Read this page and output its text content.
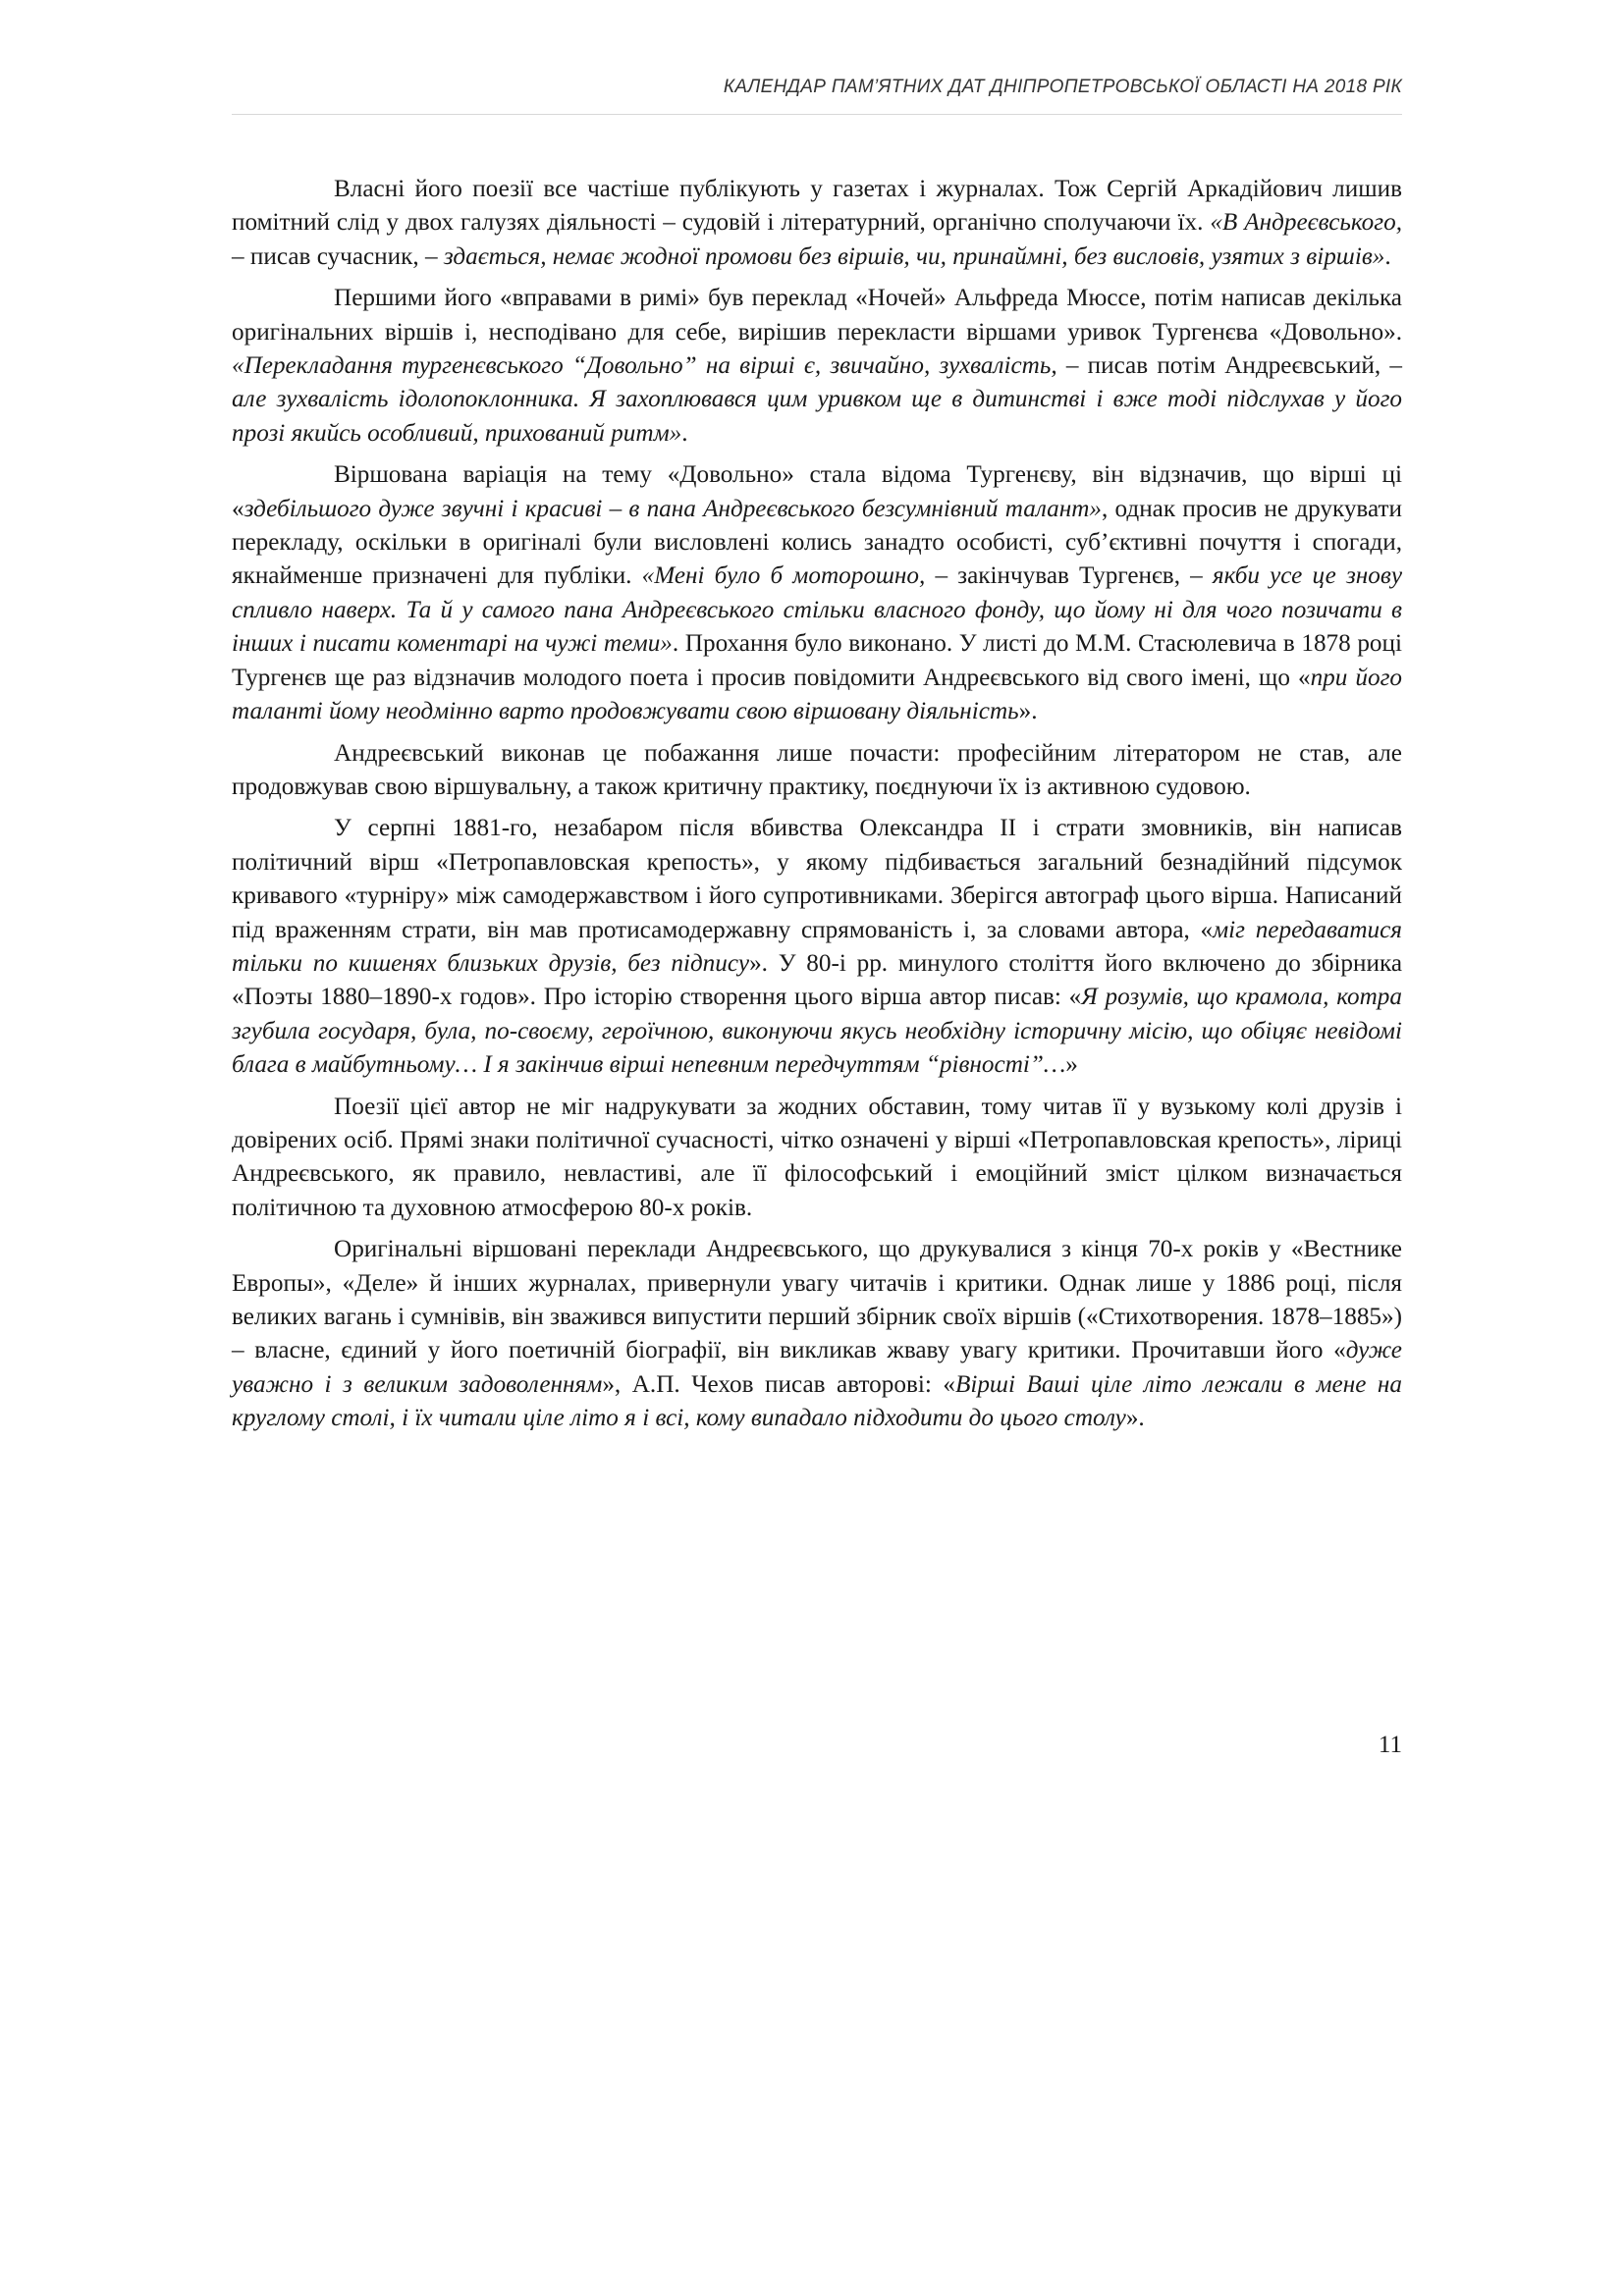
КАЛЕНДАР ПАМ’ЯТНИХ ДАТ ДНІПРОПЕТРОВСЬКОЇ ОБЛАСТІ НА 2018 РІК

Власні його поезії все частіше публікують у газетах і журналах. Тож Сергій Аркадійович лишив помітний слід у двох галузях діяльності – судовій і літературний, органічно сполучаючи їх. «В Андреєвського, – писав сучасник, – здається, немає жодної промови без віршів, чи, принаймні, без висловів, узятих з віршів».

Першими його «вправами в римі» був переклад «Ночей» Альфреда Мюссе, потім написав декілька оригінальних віршів і, несподівано для себе, вирішив перекласти віршами уривок Тургенєва «Довольно». «Перекладання тургенєвського “Довольно” на вірші є, звичайно, зухвалість, – писав потім Андреєвський, – але зухвалість ідолопоклонника. Я захоплювався цим уривком ще в дитинстві і вже тоді підслухав у його прозі якийсь особливий, прихований ритм».

Віршована варіація на тему «Довольно» стала відома Тургенєву, він відзначив, що вірші ці «здебільшого дуже звучні і красиві – в пана Андреєвського безсумнівний талант», однак просив не друкувати перекладу, оскільки в оригіналі були висловлені колись занадто особисті, суб’єктивні почуття і спогади, якнайменше призначені для публіки. «Мені було б моторошно, – закінчував Тургенєв, – якби усе це знову спливло наверх. Та й у самого пана Андреєвського стільки власного фонду, що йому ні для чого позичати в інших і писати коментарі на чужі теми». Прохання було виконано. У листі до М.М. Стасюлевича в 1878 році Тургенєв ще раз відзначив молодого поета і просив повідомити Андреєвського від свого імені, що «при його таланті йому неодмінно варто продовжувати свою віршовану діяльність».

Андреєвський виконав це побажання лише почасти: професійним літератором не став, але продовжував свою віршувальну, а також критичну практику, поєднуючи їх із активною судовою.

У серпні 1881-го, незабаром після вбивства Олександра II і страти змовників, він написав політичний вірш «Петропавловская крепость», у якому підбивається загальний безнадійний підсумок кривавого «турніру» між самодержавством і його супротивниками. Зберігся автограф цього вірша. Написаний під враженням страти, він мав протисамодержавну спрямованість і, за словами автора, «міг передаватися тільки по кишенях близьких друзів, без підпису». У 80-і рр. минулого століття його включено до збірника «Поэты 1880–1890-х годов». Про історію створення цього вірша автор писав: «Я розумів, що крамола, котра згубила государя, була, по-своєму, героїчною, виконуючи якусь необхідну історичну місію, що обіцяє невідомі блага в майбутньому… І я закінчив вірші непевним передчуттям “рівності”…»

Поезії цієї автор не міг надрукувати за жодних обставин, тому читав її у вузькому колі друзів і довірених осіб. Прямі знаки політичної сучасності, чітко означені у вірші «Петропавловская крепость», ліриці Андреєвського, як правило, невластиві, але її філософський і емоційний зміст цілком визначається політичною та духовною атмосферою 80-х років.

Оригінальні віршовані переклади Андреєвського, що друкувалися з кінця 70-х років у «Вестнике Европы», «Деле» й інших журналах, привернули увагу читачів і критики. Однак лише у 1886 році, після великих вагань і сумнівів, він зважився випустити перший збірник своїх віршів («Стихотворения. 1878–1885») – власне, єдиний у його поетичній біографії, він викликав жваву увагу критики. Прочитавши його «дуже уважно і з великим задоволенням», А.П. Чехов писав авторові: «Вірші Ваші ціле літо лежали в мене на круглому столі, і їх читали ціле літо я і всі, кому випадало підходити до цього столу».

11
